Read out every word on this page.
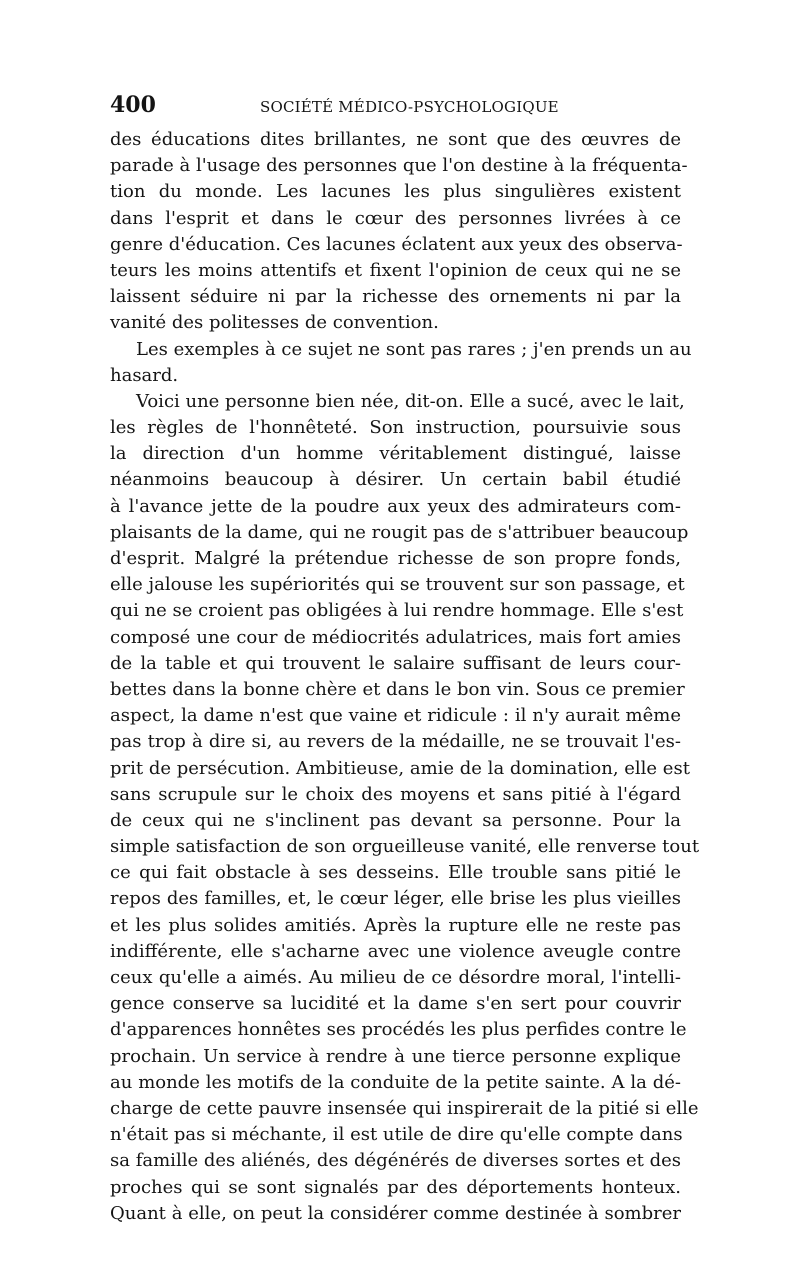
400	SOCIÉTÉ MÉDICO-PSYCHOLOGIQUE
des éducations dites brillantes, ne sont que des œuvres de
parade à l'usage des personnes que l'on destine à la fréquenta-
tion du monde. Les lacunes les plus singulières existent
dans l'esprit et dans le cœur des personnes livrées à ce
genre d'éducation. Ces lacunes éclatent aux yeux des observa-
teurs les moins attentifs et fixent l'opinion de ceux qui ne se
laissent séduire ni par la richesse des ornements ni par la
vanité des politesses de convention.
Les exemples à ce sujet ne sont pas rares ; j'en prends un au
hasard.
Voici une personne bien née, dit-on. Elle a sucé, avec le lait,
les règles de l'honnêteté. Son instruction, poursuivie sous
la direction d'un homme véritablement distingué, laisse
néanmoins beaucoup à désirer. Un certain babil étudié
à l'avance jette de la poudre aux yeux des admirateurs com-
plaisants de la dame, qui ne rougit pas de s'attribuer beaucoup
d'esprit. Malgré la prétendue richesse de son propre fonds,
elle jalouse les supériorités qui se trouvent sur son passage, et
qui ne se croient pas obligées à lui rendre hommage. Elle s'est
composé une cour de médiocrités adulatrices, mais fort amies
de la table et qui trouvent le salaire suffisant de leurs cour-
bettes dans la bonne chère et dans le bon vin. Sous ce premier
aspect, la dame n'est que vaine et ridicule : il n'y aurait même
pas trop à dire si, au revers de la médaille, ne se trouvait l'es-
prit de persécution. Ambitieuse, amie de la domination, elle est
sans scrupule sur le choix des moyens et sans pitié à l'égard
de ceux qui ne s'inclinent pas devant sa personne. Pour la
simple satisfaction de son orgueilleuse vanité, elle renverse tout
ce qui fait obstacle à ses desseins. Elle trouble sans pitié le
repos des familles, et, le cœur léger, elle brise les plus vieilles
et les plus solides amitiés. Après la rupture elle ne reste pas
indifférente, elle s'acharne avec une violence aveugle contre
ceux qu'elle a aimés. Au milieu de ce désordre moral, l'intelli-
gence conserve sa lucidité et la dame s'en sert pour couvrir
d'apparences honnêtes ses procédés les plus perfides contre le
prochain. Un service à rendre à une tierce personne explique
au monde les motifs de la conduite de la petite sainte. A la dé-
charge de cette pauvre insensée qui inspirerait de la pitié si elle
n'était pas si méchante, il est utile de dire qu'elle compte dans
sa famille des aliénés, des dégénérés de diverses sortes et des
proches qui se sont signalés par des déportements honteux.
Quant à elle, on peut la considérer comme destinée à sombrer
